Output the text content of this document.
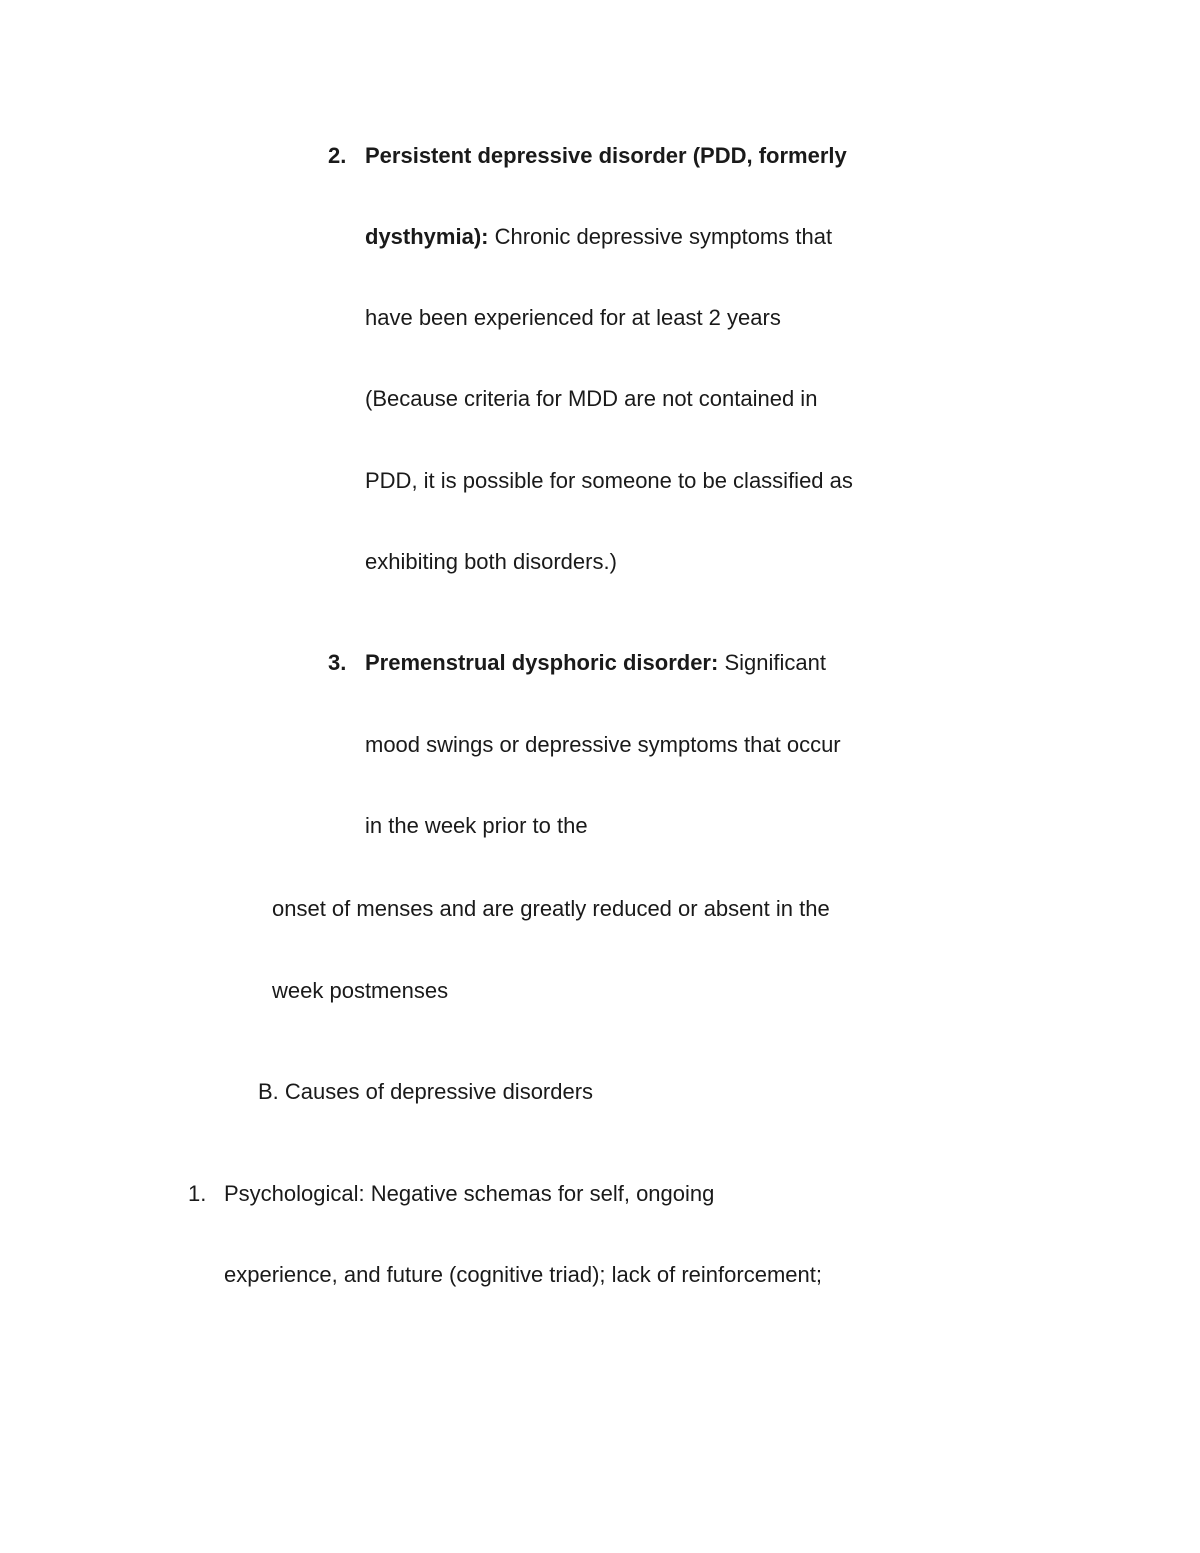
2. Persistent depressive disorder (PDD, formerly
dysthymia): Chronic depressive symptoms that
have been experienced for at least 2 years
(Because criteria for MDD are not contained in
PDD, it is possible for someone to be classified as
exhibiting both disorders.)
3. Premenstrual dysphoric disorder: Significant
mood swings or depressive symptoms that occur
in the week prior to the
onset of menses and are greatly reduced or absent in the
week postmenses
B. Causes of depressive disorders
1. Psychological: Negative schemas for self, ongoing
experience, and future (cognitive triad); lack of reinforcement;
